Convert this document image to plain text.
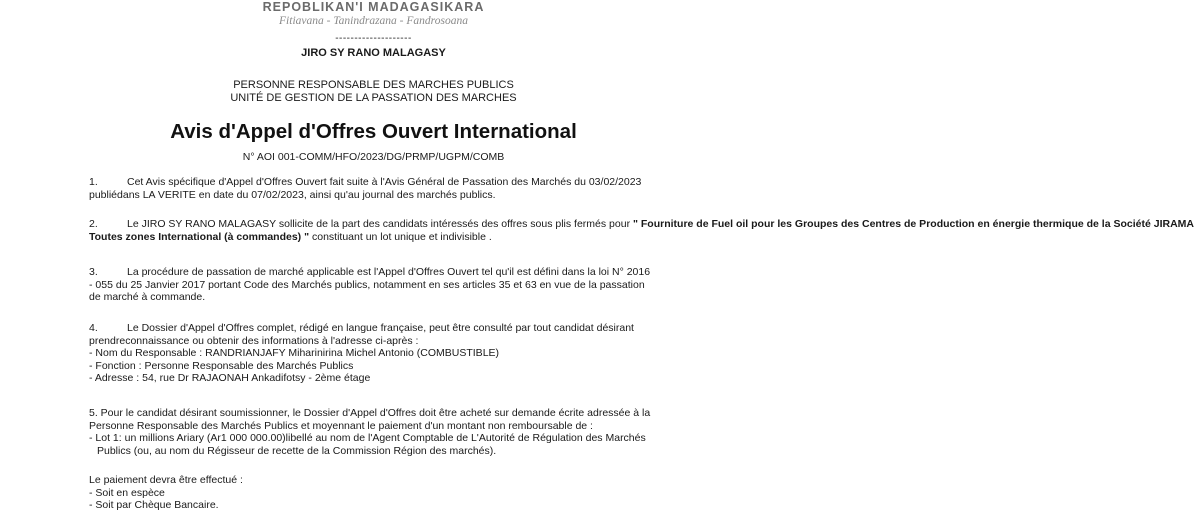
REPOBLIKAN'I MADAGASIKARA
Fitiavana - Tanindrazana - Fandrosoana
--------------------
JIRO SY RANO MALAGASY
PERSONNE RESPONSABLE DES MARCHES PUBLICS
UNITÉ DE GESTION DE LA PASSATION DES MARCHES
Avis d'Appel d'Offres Ouvert International
N° AOI 001-COMM/HFO/2023/DG/PRMP/UGPM/COMB
1.	Cet Avis spécifique d'Appel d'Offres Ouvert fait suite à l'Avis Général de Passation des Marchés du 03/02/2023
publiédans LA VERITE en date du 07/02/2023, ainsi qu'au journal des marchés publics.
2.	Le JIRO SY RANO MALAGASY sollicite de la part des candidats intéressés des offres sous plis fermés pour " Fourniture de Fuel oil pour les Groupes des Centres de Production en énergie thermique de la Société JIRAMA
Toutes zones International (à commandes) " constituant un lot unique et indivisible .
3.	La procédure de passation de marché applicable est l'Appel d'Offres Ouvert tel qu'il est défini dans la loi N° 2016
- 055 du 25 Janvier 2017 portant Code des Marchés publics, notamment en ses articles 35 et 63 en vue de la passation
de marché à commande.
4.	Le Dossier d'Appel d'Offres complet, rédigé en langue française, peut être consulté par tout candidat désirant
prendreconnaissance ou obtenir des informations à l'adresse ci-après :
- Nom du Responsable : RANDRIANJAFY Miharinirina Michel Antonio (COMBUSTIBLE)
- Fonction : Personne Responsable des Marchés Publics
- Adresse : 54, rue Dr RAJAONAH Ankadifotsy - 2ème étage
5. Pour le candidat désirant soumissionner, le Dossier d'Appel d'Offres doit être acheté sur demande écrite adressée à la
Personne Responsable des Marchés Publics et moyennant le paiement d'un montant non remboursable de :
- Lot 1: un millions Ariary (Ar1 000 000.00)libellé au nom de l'Agent Comptable de L'Autorité de Régulation des Marchés
Publics (ou, au nom du Régisseur de recette de la Commission Région des marchés).
Le paiement devra être effectué :
- Soit en espèce
- Soit par Chèque Bancaire.
